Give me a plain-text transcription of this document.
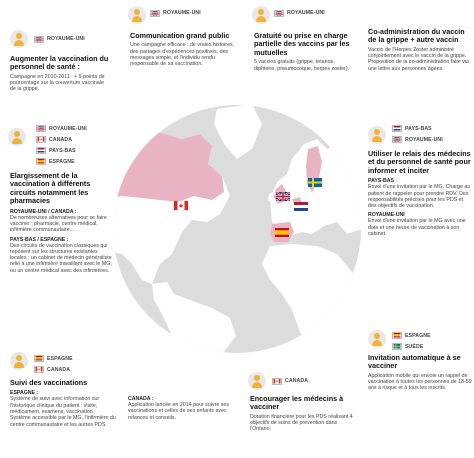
ROYAUME-UNI
Augmenter la vaccination du personnel de santé :
Campagne en 2010-2011 : + 9 points de pourcentage sur la couverture vaccinale de la grippe.
ROYAUME-UNI
Communication grand public
Une campagne efficace : de vraies histoires, des partages d'expériences positives, des messages simple, et l'individu rendu responsable de sa vaccination.
ROYAUME-UNI
Gratuité ou prise en charge partielle des vaccins par les mutuelles
5 vaccins gratuits (grippe, tetanos, diphterie, pneumocoque, herpes zoster).
Co-administration du vaccin de la grippe + autre vaccin
Vaccin de l'Herpes Zoster administré conjointement avec le vaccin de la grippe. Proposition de la co-administration faite via une lettre aux personnes âgées.
ROYAUME-UNI
CANADA
PAYS-BAS
ESPAGNE
Elargissement de la vaccination à différents circuits notamment les pharmacies
ROYAUME-UNI / CANADA :
De nombreuses alternatives pour se faire vacciner : pharmacie, centre médical, infirmière communautaire...
PAYS-BAS / ESPAGNE :
Des circuits de vaccination classiques qui reposent sur les structures existantes locales : un cabinet de médecin généraliste relié à une infirmière travaillant avec le MG, ou un centre médical avec des infirmières.
PAYS-BAS
ROYAUME-UNI
Utiliser le relais des médecins et du personnel de santé pour informer et inciter
PAYS-BAS
Envoi d'une invitation par le MG. Charge au patient de rappeler pour prendre RDV. Des responsabilités précises pour les PDS et des objectifs de vaccination.
ROYAUME-UNI
Envoi d'une invitation par le MG avec une date et une heure de vaccination à son cabinet.
ESPAGNE
CANADA
Suivi des vaccinations
ESPAGNE :
Système de suivi avec information sur l'historique clinique du patient : visite, médicament, examens, vaccination. Système accessible par le MG, l'infirmière du centre communautaire et les autres PDS.
CANADA :
Application lancée en 2014 pour suivre ses vaccinations et celles de ses enfants avec relances et conseils.
CANADA
Encourager les médecins à vacciner
Dotation financière pour les PDS réalisant 4 objectifs de soins de prévention dans l'Ontario.
ESPAGNE
SUÈDE
Invitation automatique à se vacciner
Application mobile qui envoie un rappel de vaccination à toutes les personnes de 18-59 ans à risque et à tous les inscrits.
